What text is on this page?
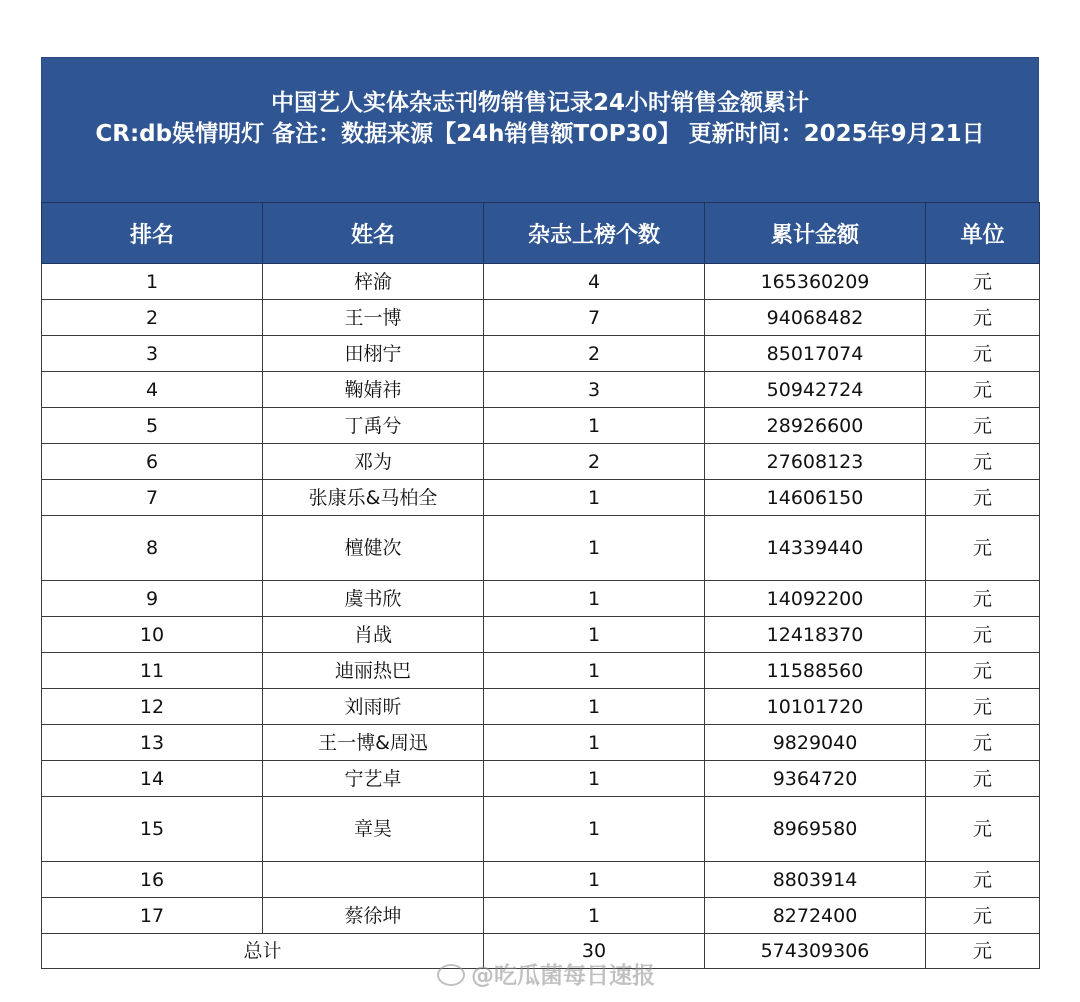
中国艺人实体杂志刊物销售记录24小时销售金额累计
CR:db娱情明灯 备注：数据来源【24h销售额TOP30】 更新时间：2025年9月21日
排名	姓名	杂志上榜个数	累计金额	单位
1	梓渝	4	165360209	元
2	王一博	7	94068482	元
3	田栩宁	2	85017074	元
4	鞠婧祎	3	50942724	元
5	丁禹兮	1	28926600	元
6	邓为	2	27608123	元
7	张康乐&马柏全	1	14606150	元
8	檀健次	1	14339440	元
9	虞书欣	1	14092200	元
10	肖战	1	12418370	元
11	迪丽热巴	1	11588560	元
12	刘雨昕	1	10101720	元
13	王一博&周迅	1	9829040	元
14	宁艺卓	1	9364720	元
15	章昊	1	8969580	元
16		1	8803914	元
17	蔡徐坤	1	8272400	元
总计		30	574309306	元
@吃瓜菌每日速报
